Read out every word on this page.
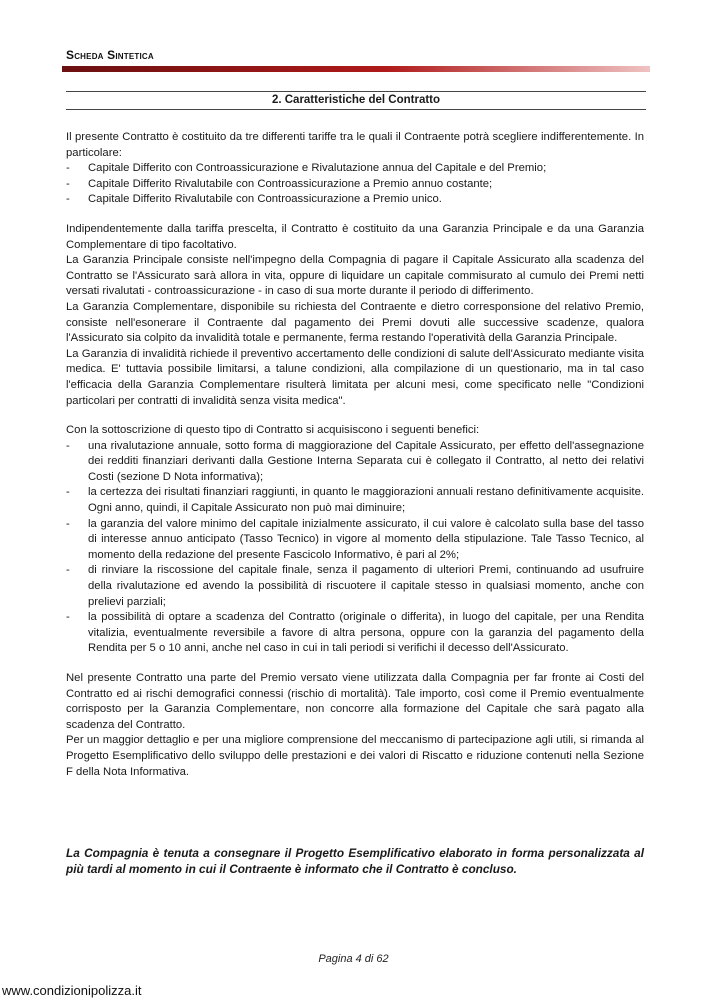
Scheda Sintetica
2. Caratteristiche del Contratto

Il presente Contratto è costituito da tre differenti tariffe tra le quali il Contraente potrà scegliere indifferentemente. In particolare:

- Capitale Differito con Controassicurazione e Rivalutazione annua del Capitale e del Premio;
- Capitale Differito Rivalutabile con Controassicurazione a Premio annuo costante;
- Capitale Differito Rivalutabile con Controassicurazione a Premio unico.

Indipendentemente dalla tariffa prescelta, il Contratto è costituito da una Garanzia Principale e da una Garanzia Complementare di tipo facoltativo.

La Garanzia Principale consiste nell'impegno della Compagnia di pagare il Capitale Assicurato alla scadenza del Contratto se l'Assicurato sarà allora in vita, oppure di liquidare un capitale commisurato al cumulo dei Premi netti versati rivalutati - controassicurazione - in caso di sua morte durante il periodo di differimento.

La Garanzia Complementare, disponibile su richiesta del Contraente e dietro corresponsione del relativo Premio, consiste nell'esonerare il Contraente dal pagamento dei Premi dovuti alle successive scadenze, qualora l'Assicurato sia colpito da invalidità totale e permanente, ferma restando l'operatività della Garanzia Principale.

La Garanzia di invalidità richiede il preventivo accertamento delle condizioni di salute dell'Assicurato mediante visita medica. E' tuttavia possibile limitarsi, a talune condizioni, alla compilazione di un questionario, ma in tal caso l'efficacia della Garanzia Complementare risulterà limitata per alcuni mesi, come specificato nelle "Condizioni particolari per contratti di invalidità senza visita medica".

Con la sottoscrizione di questo tipo di Contratto si acquisiscono i seguenti benefici:

- una rivalutazione annuale, sotto forma di maggiorazione del Capitale Assicurato, per effetto dell'assegnazione dei redditi finanziari derivanti dalla Gestione Interna Separata cui è collegato il Contratto, al netto dei relativi Costi (sezione D Nota informativa);
- la certezza dei risultati finanziari raggiunti, in quanto le maggiorazioni annuali restano definitivamente acquisite. Ogni anno, quindi, il Capitale Assicurato non può mai diminuire;
- la garanzia del valore minimo del capitale inizialmente assicurato, il cui valore è calcolato sulla base del tasso di interesse annuo anticipato (Tasso Tecnico) in vigore al momento della stipulazione. Tale Tasso Tecnico, al momento della redazione del presente Fascicolo Informativo, è pari al 2%;
- di rinviare la riscossione del capitale finale, senza il pagamento di ulteriori Premi, continuando ad usufruire della rivalutazione ed avendo la possibilità di riscuotere il capitale stesso in qualsiasi momento, anche con prelievi parziali;
- la possibilità di optare a scadenza del Contratto (originale o differita), in luogo del capitale, per una Rendita vitalizia, eventualmente reversibile a favore di altra persona, oppure con la garanzia del pagamento della Rendita per 5 o 10 anni, anche nel caso in cui in tali periodi si verifichi il decesso dell'Assicurato.

Nel presente Contratto una parte del Premio versato viene utilizzata dalla Compagnia per far fronte ai Costi del Contratto ed ai rischi demografici connessi (rischio di mortalità). Tale importo, così come il Premio eventualmente corrisposto per la Garanzia Complementare, non concorre alla formazione del Capitale che sarà pagato alla scadenza del Contratto.

Per un maggior dettaglio e per una migliore comprensione del meccanismo di partecipazione agli utili, si rimanda al Progetto Esemplificativo dello sviluppo delle prestazioni e dei valori di Riscatto e riduzione contenuti nella Sezione F della Nota Informativa.

La Compagnia è tenuta a consegnare il Progetto Esemplificativo elaborato in forma personalizzata al più tardi al momento in cui il Contraente è informato che il Contratto è concluso.
Pagina 4 di 62
www.condizionipolizza.it
